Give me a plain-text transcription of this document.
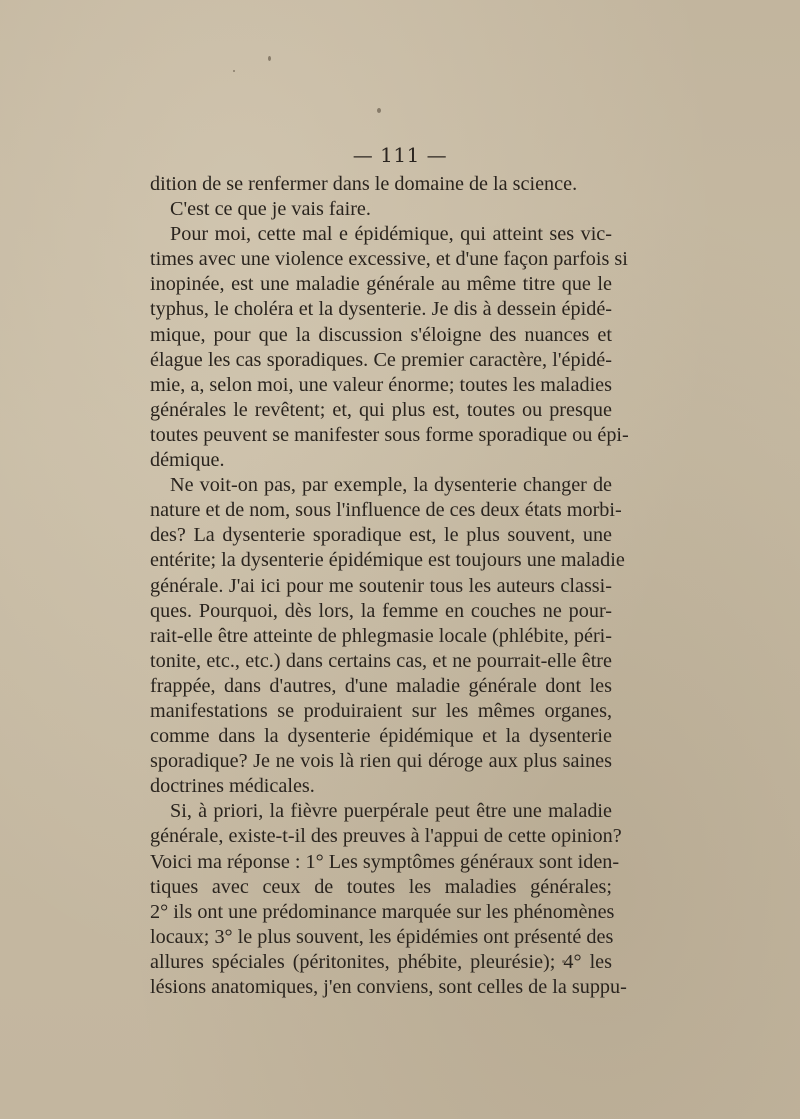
— 111 —
dition de se renfermer dans le domaine de la science.
C'est ce que je vais faire.
Pour moi, cette mal e épidémique, qui atteint ses vic-
times avec une violence excessive, et d'une façon parfois si
inopinée, est une maladie générale au même titre que le
typhus, le choléra et la dysenterie. Je dis à dessein épidé-
mique, pour que la discussion s'éloigne des nuances et
élague les cas sporadiques. Ce premier caractère, l'épidé-
mie, a, selon moi, une valeur énorme; toutes les maladies
générales le revêtent; et, qui plus est, toutes ou presque
toutes peuvent se manifester sous forme sporadique ou épi-
démique.
Ne voit-on pas, par exemple, la dysenterie changer de
nature et de nom, sous l'influence de ces deux états morbi-
des? La dysenterie sporadique est, le plus souvent, une
entérite; la dysenterie épidémique est toujours une maladie
générale. J'ai ici pour me soutenir tous les auteurs classi-
ques. Pourquoi, dès lors, la femme en couches ne pour-
rait-elle être atteinte de phlegmasie locale (phlébite, péri-
tonite, etc., etc.) dans certains cas, et ne pourrait-elle être
frappée, dans d'autres, d'une maladie générale dont les
manifestations se produiraient sur les mêmes organes,
comme dans la dysenterie épidémique et la dysenterie
sporadique? Je ne vois là rien qui déroge aux plus saines
doctrines médicales.
Si, à priori, la fièvre puerpérale peut être une maladie
générale, existe-t-il des preuves à l'appui de cette opinion?
Voici ma réponse : 1° Les symptômes généraux sont iden-
tiques avec ceux de toutes les maladies générales;
2° ils ont une prédominance marquée sur les phénomènes
locaux; 3° le plus souvent, les épidémies ont présenté des
allures spéciales (péritonites, phébite, pleurésie); 4° les
lésions anatomiques, j'en conviens, sont celles de la suppu-
